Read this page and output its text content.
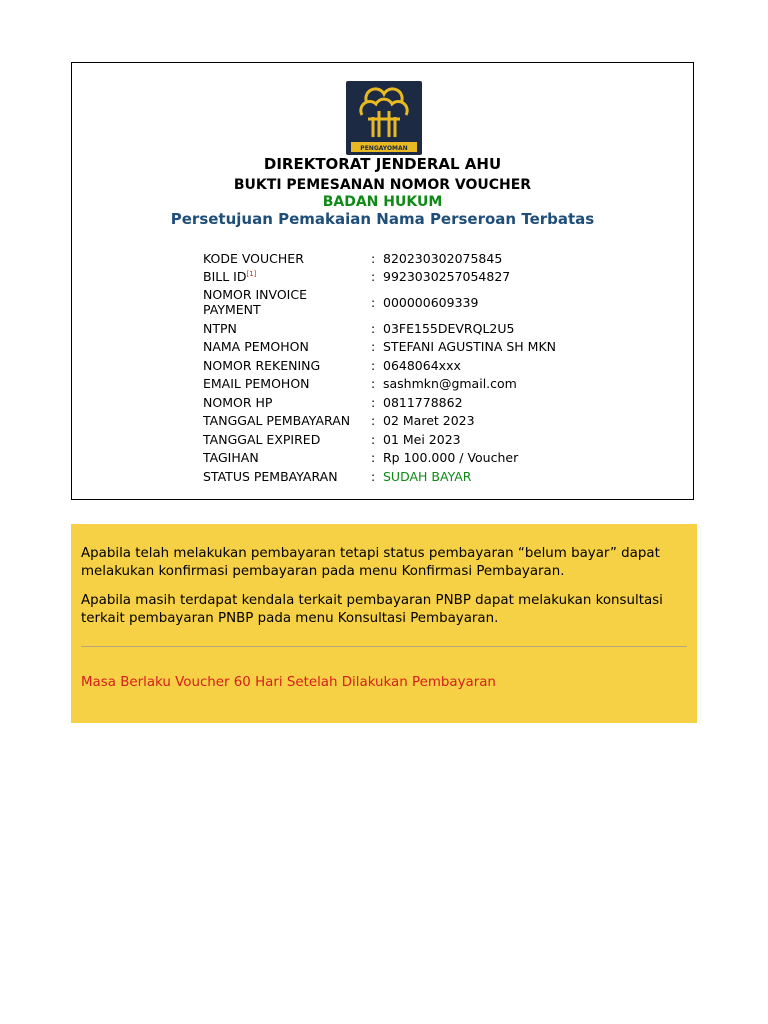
PENGAYOMAN
DIREKTORAT JENDERAL AHU
BUKTI PEMESANAN NOMOR VOUCHER
BADAN HUKUM
Persetujuan Pemakaian Nama Perseroan Terbatas
KODE VOUCHER	: 820230302075845
BILL ID[1]	: 9923030257054827
NOMOR INVOICE PAYMENT	: 000000609339
NTPN	: 03FE155DEVRQL2U5
NAMA PEMOHON	: STEFANI AGUSTINA SH MKN
NOMOR REKENING	: 0648064xxx
EMAIL PEMOHON	: sashmkn@gmail.com
NOMOR HP	: 0811778862
TANGGAL PEMBAYARAN	: 02 Maret 2023
TANGGAL EXPIRED	: 01 Mei 2023
TAGIHAN	: Rp 100.000 / Voucher
STATUS PEMBAYARAN	: SUDAH BAYAR

Apabila telah melakukan pembayaran tetapi status pembayaran “belum bayar” dapat melakukan konfirmasi pembayaran pada menu Konfirmasi Pembayaran.

Apabila masih terdapat kendala terkait pembayaran PNBP dapat melakukan konsultasi terkait pembayaran PNBP pada menu Konsultasi Pembayaran.

Masa Berlaku Voucher 60 Hari Setelah Dilakukan Pembayaran
